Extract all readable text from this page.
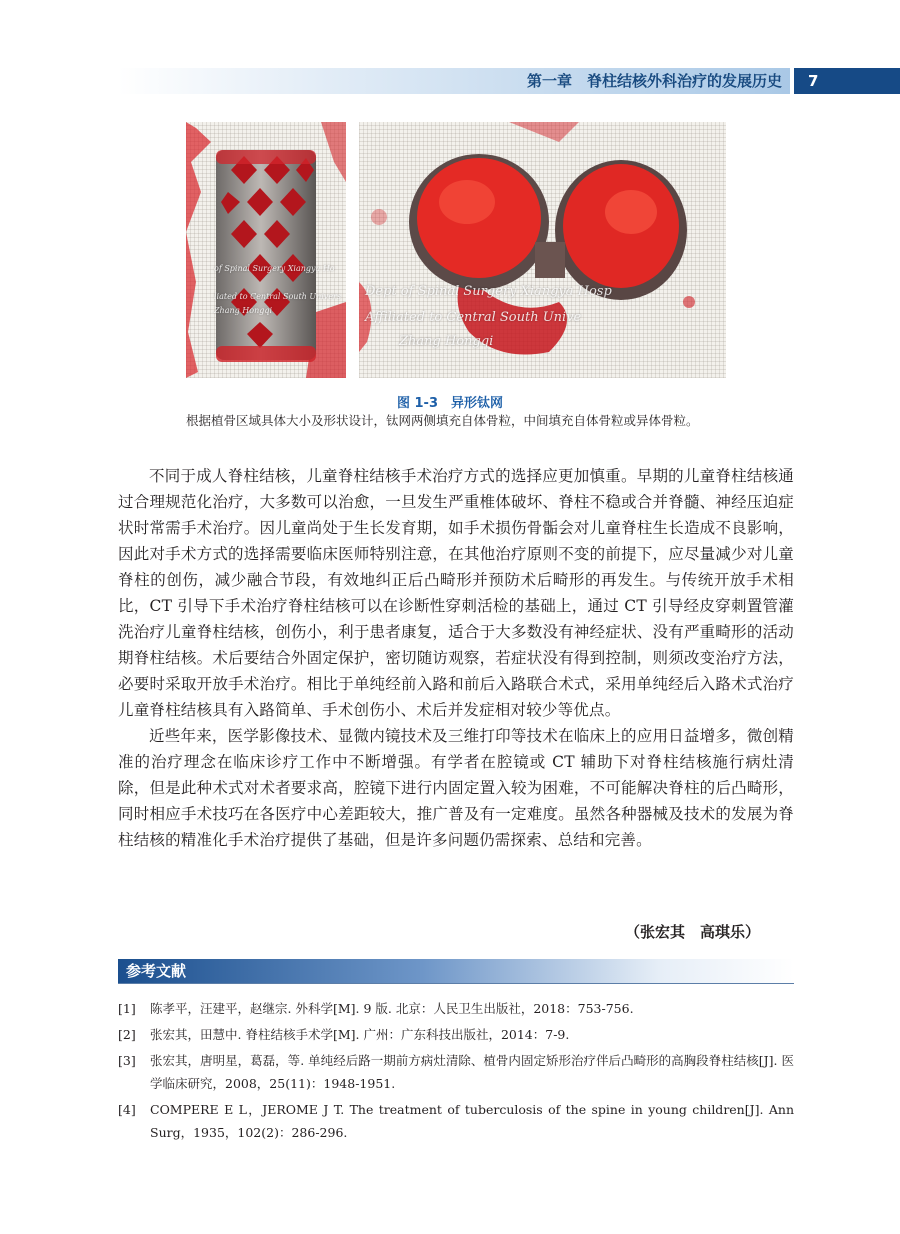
第一章　脊柱结核外科治疗的发展历史	7
of Spinal Surgery Xiangya Ho
liated to Central South Univers
Zhang Hongqi
Dept of Spinal Surgery Xiangya Hosp
Affiliated to Central South Unive
Zhang Hongqi
图 1-3　异形钛网
根据植骨区域具体大小及形状设计，钛网两侧填充自体骨粒，中间填充自体骨粒或异体骨粒。

不同于成人脊柱结核，儿童脊柱结核手术治疗方式的选择应更加慎重。早期的儿童脊柱结核通过合理规范化治疗，大多数可以治愈，一旦发生严重椎体破坏、脊柱不稳或合并脊髓、神经压迫症状时常需手术治疗。因儿童尚处于生长发育期，如手术损伤骨骺会对儿童脊柱生长造成不良影响，因此对手术方式的选择需要临床医师特别注意，在其他治疗原则不变的前提下，应尽量减少对儿童脊柱的创伤，减少融合节段，有效地纠正后凸畸形并预防术后畸形的再发生。与传统开放手术相比，CT 引导下手术治疗脊柱结核可以在诊断性穿刺活检的基础上，通过 CT 引导经皮穿刺置管灌洗治疗儿童脊柱结核，创伤小，利于患者康复，适合于大多数没有神经症状、没有严重畸形的活动期脊柱结核。术后要结合外固定保护，密切随访观察，若症状没有得到控制，则须改变治疗方法，必要时采取开放手术治疗。相比于单纯经前入路和前后入路联合术式，采用单纯经后入路术式治疗儿童脊柱结核具有入路简单、手术创伤小、术后并发症相对较少等优点。

近些年来，医学影像技术、显微内镜技术及三维打印等技术在临床上的应用日益增多，微创精准的治疗理念在临床诊疗工作中不断增强。有学者在腔镜或 CT 辅助下对脊柱结核施行病灶清除，但是此种术式对术者要求高，腔镜下进行内固定置入较为困难，不可能解决脊柱的后凸畸形，同时相应手术技巧在各医疗中心差距较大，推广普及有一定难度。虽然各种器械及技术的发展为脊柱结核的精准化手术治疗提供了基础，但是许多问题仍需探索、总结和完善。

（张宏其　高琪乐）
参考文献
[1] 陈孝平，汪建平，赵继宗. 外科学[M]. 9 版. 北京：人民卫生出版社，2018：753-756.
[2] 张宏其，田慧中. 脊柱结核手术学[M]. 广州：广东科技出版社，2014：7-9.
[3] 张宏其，唐明星，葛磊，等. 单纯经后路一期前方病灶清除、植骨内固定矫形治疗伴后凸畸形的高胸段脊柱结核[J]. 医学临床研究，2008，25(11)：1948-1951.
[4] COMPERE E L，JEROME J T. The treatment of tuberculosis of the spine in young children[J]. Ann Surg，1935，102(2)：286-296.
